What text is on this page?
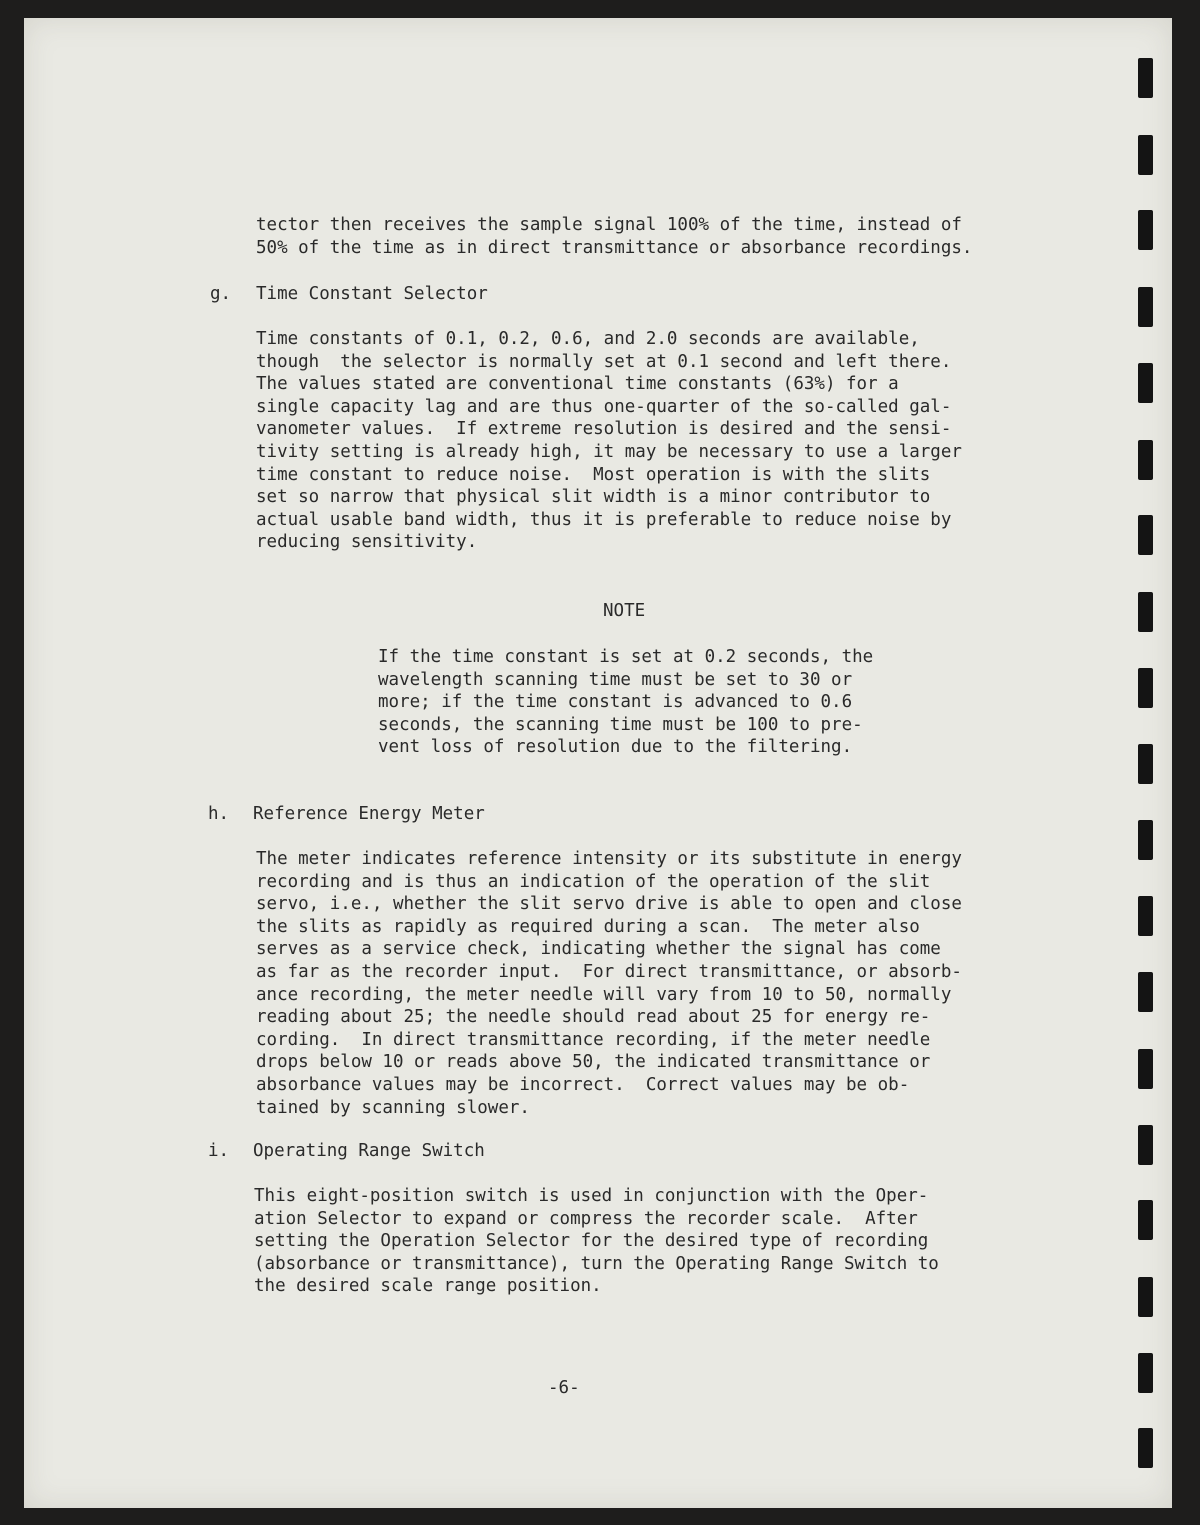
tector then receives the sample signal 100% of the time, instead of
50% of the time as in direct transmittance or absorbance recordings.
g. Time Constant Selector
Time constants of 0.1, 0.2, 0.6, and 2.0 seconds are available,
though  the selector is normally set at 0.1 second and left there.
The values stated are conventional time constants (63%) for a
single capacity lag and are thus one-quarter of the so-called gal-
vanometer values.  If extreme resolution is desired and the sensi-
tivity setting is already high, it may be necessary to use a larger
time constant to reduce noise.  Most operation is with the slits
set so narrow that physical slit width is a minor contributor to
actual usable band width, thus it is preferable to reduce noise by
reducing sensitivity.
NOTE
If the time constant is set at 0.2 seconds, the
wavelength scanning time must be set to 30 or
more; if the time constant is advanced to 0.6
seconds, the scanning time must be 100 to pre-
vent loss of resolution due to the filtering.
h. Reference Energy Meter
The meter indicates reference intensity or its substitute in energy
recording and is thus an indication of the operation of the slit
servo, i.e., whether the slit servo drive is able to open and close
the slits as rapidly as required during a scan.  The meter also
serves as a service check, indicating whether the signal has come
as far as the recorder input.  For direct transmittance, or absorb-
ance recording, the meter needle will vary from 10 to 50, normally
reading about 25; the needle should read about 25 for energy re-
cording.  In direct transmittance recording, if the meter needle
drops below 10 or reads above 50, the indicated transmittance or
absorbance values may be incorrect.  Correct values may be ob-
tained by scanning slower.
i. Operating Range Switch
This eight-position switch is used in conjunction with the Oper-
ation Selector to expand or compress the recorder scale.  After
setting the Operation Selector for the desired type of recording
(absorbance or transmittance), turn the Operating Range Switch to
the desired scale range position.
-6-
